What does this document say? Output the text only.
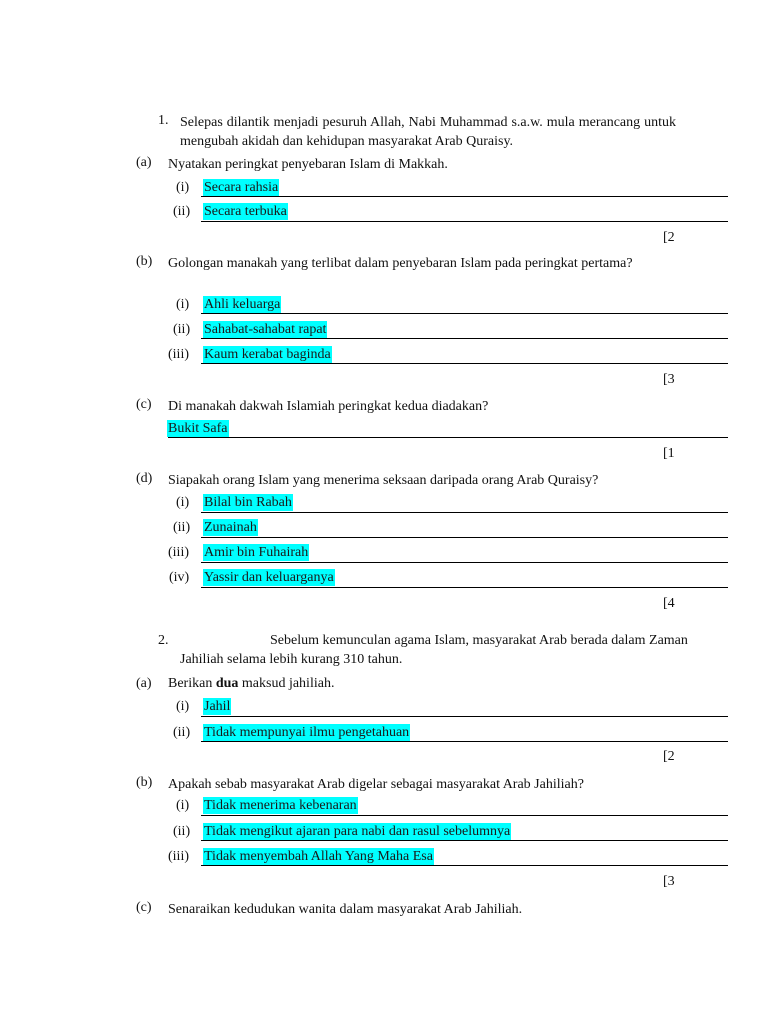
1. Selepas dilantik menjadi pesuruh Allah, Nabi Muhammad s.a.w. mula merancang untuk mengubah akidah dan kehidupan masyarakat Arab Quraisy.
(a) Nyatakan peringkat penyebaran Islam di Makkah.
(i)	Secara rahsia
(ii) Secara terbuka
[2
(b) Golongan manakah yang terlibat dalam penyebaran Islam pada peringkat pertama?
(i)	Ahli keluarga
(ii) Sahabat-sahabat rapat
(iii) Kaum kerabat baginda
[3
(c) Di manakah dakwah Islamiah peringkat kedua diadakan?
Bukit Safa
[1
(d) Siapakah orang Islam yang menerima seksaan daripada orang Arab Quraisy?
(i)	Bilal bin Rabah
(ii) Zunainah
(iii) Amir bin Fuhairah
(iv) Yassir dan keluarganya
[4
2.	Sebelum kemunculan agama Islam, masyarakat Arab berada dalam Zaman
Jahiliah selama lebih kurang 310 tahun.
(a) Berikan dua maksud jahiliah.
(i)	Jahil
(ii) Tidak mempunyai ilmu pengetahuan
[2
(b) Apakah sebab masyarakat Arab digelar sebagai masyarakat Arab Jahiliah?
(i)	Tidak menerima kebenaran
(ii) Tidak mengikut ajaran para nabi dan rasul sebelumnya
(iii) Tidak menyembah Allah Yang Maha Esa
[3
(c) Senaraikan kedudukan wanita dalam masyarakat Arab Jahiliah.
